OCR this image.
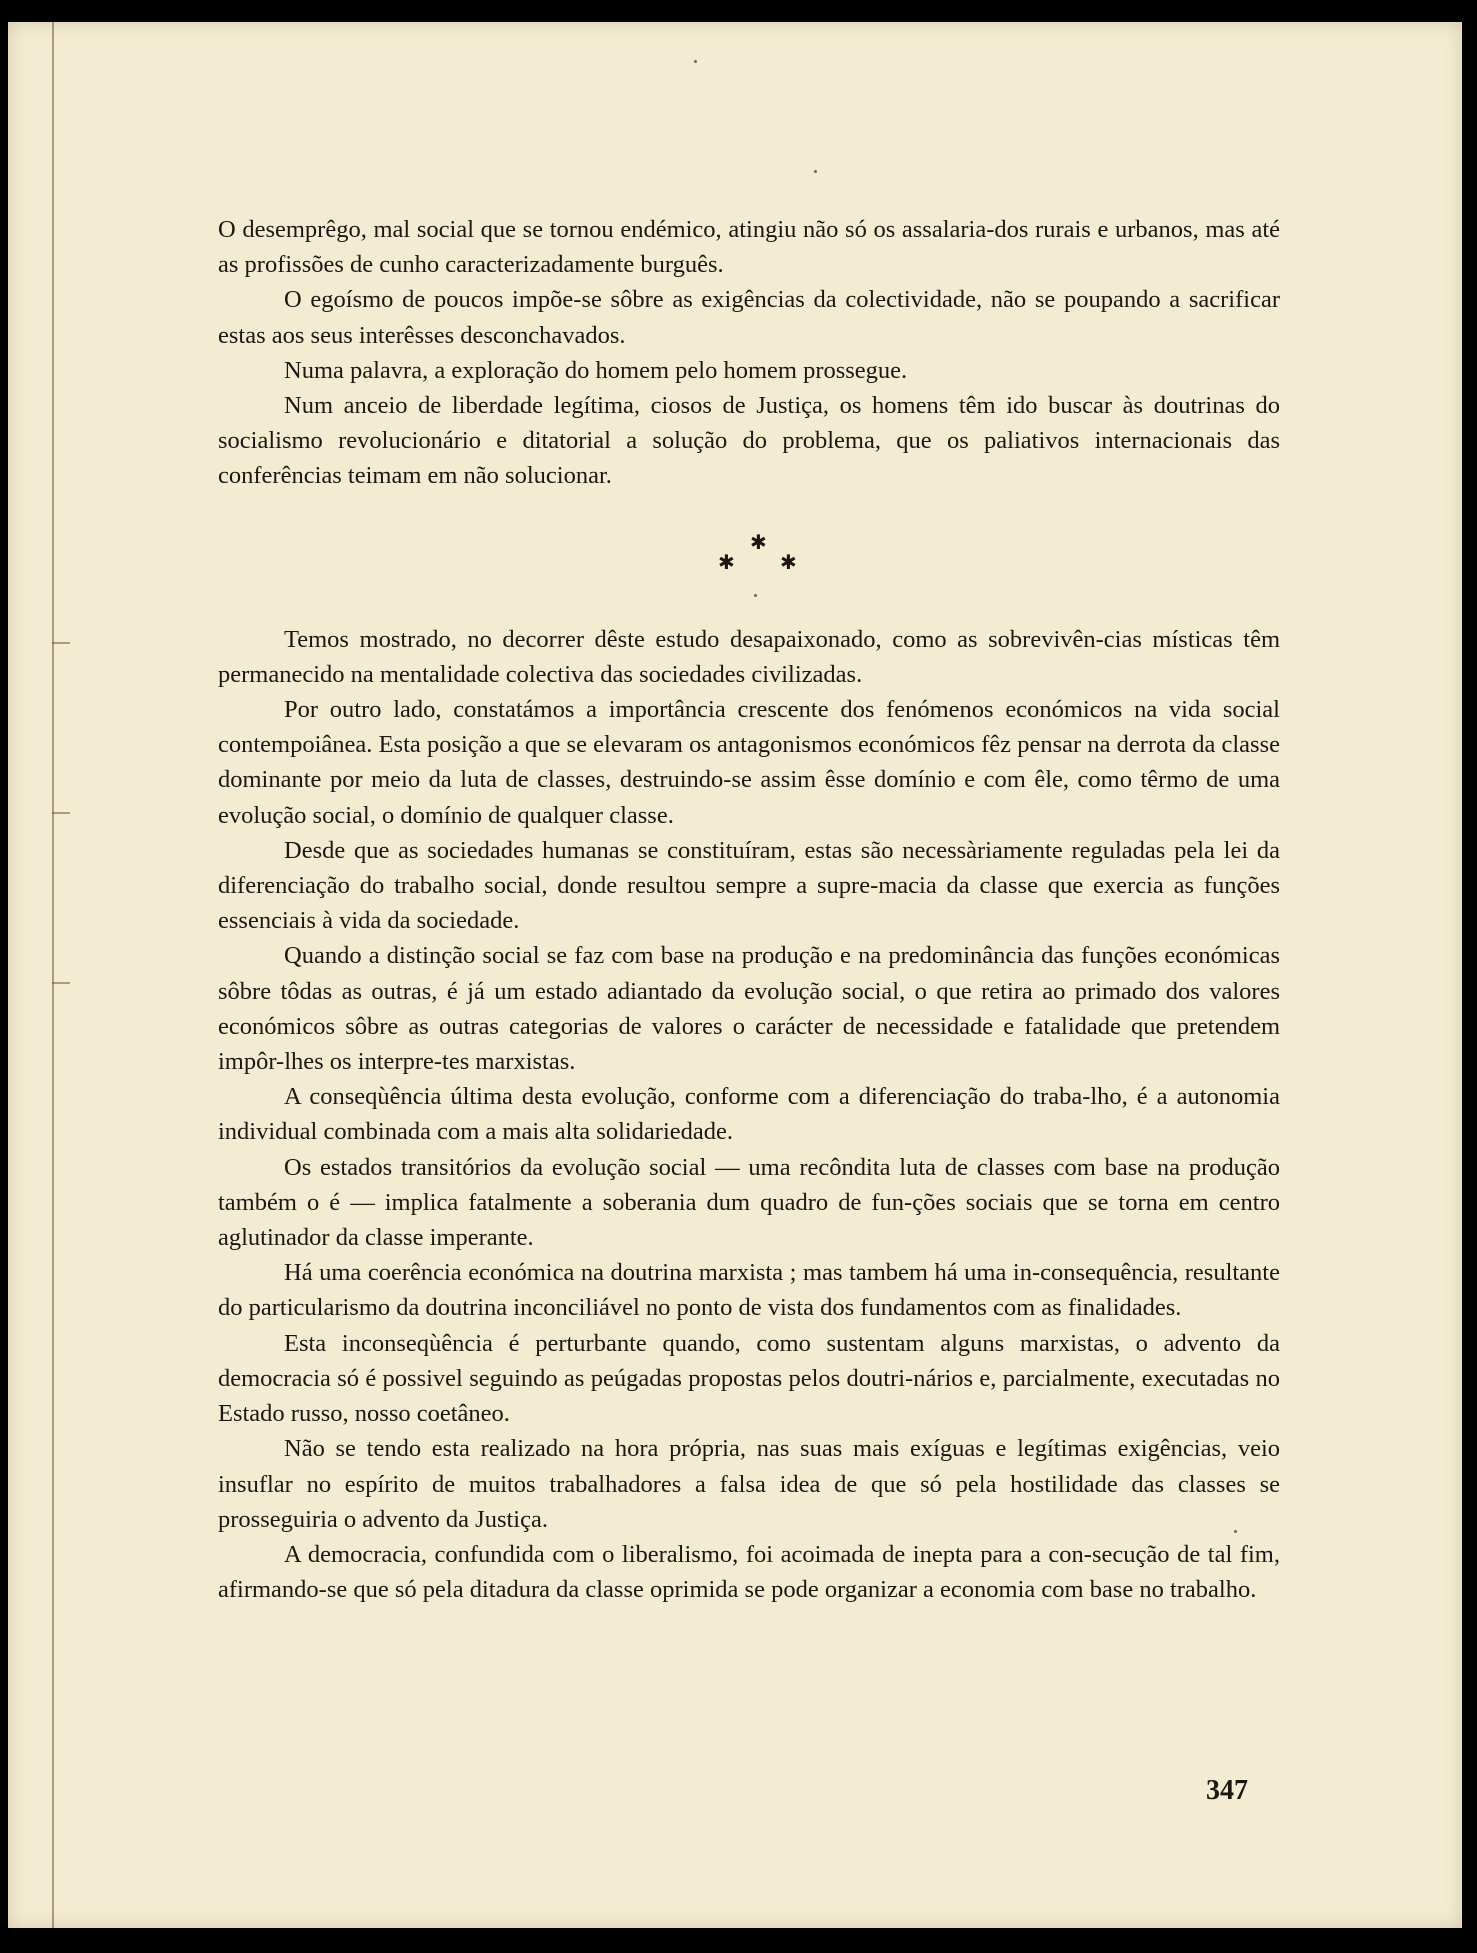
O desemprêgo, mal social que se tornou endémico, atingiu não só os assalaria-dos rurais e urbanos, mas até as profissões de cunho caracterizadamente burguês.

O egoísmo de poucos impõe-se sôbre as exigências da colectividade, não se poupando a sacrificar estas aos seus interêsses desconchavados.

Numa palavra, a exploração do homem pelo homem prossegue.

Num anceio de liberdade legítima, ciosos de Justiça, os homens têm ido buscar às doutrinas do socialismo revolucionário e ditatorial a solução do problema, que os paliativos internacionais das conferências teimam em não solucionar.

✱
✱ ✱

Temos mostrado, no decorrer dêste estudo desapaixonado, como as sobrevivên-cias místicas têm permanecido na mentalidade colectiva das sociedades civilizadas.

Por outro lado, constatámos a importância crescente dos fenómenos económicos na vida social contempoiânea. Esta posição a que se elevaram os antagonismos económicos fêz pensar na derrota da classe dominante por meio da luta de classes, destruindo-se assim êsse domínio e com êle, como têrmo de uma evolução social, o domínio de qualquer classe.

Desde que as sociedades humanas se constituíram, estas são necessàriamente reguladas pela lei da diferenciação do trabalho social, donde resultou sempre a supre-macia da classe que exercia as funções essenciais à vida da sociedade.

Quando a distinção social se faz com base na produção e na predominância das funções económicas sôbre tôdas as outras, é já um estado adiantado da evolução social, o que retira ao primado dos valores económicos sôbre as outras categorias de valores o carácter de necessidade e fatalidade que pretendem impôr-lhes os interpre-tes marxistas.

A conseqùência última desta evolução, conforme com a diferenciação do traba-lho, é a autonomia individual combinada com a mais alta solidariedade.

Os estados transitórios da evolução social — uma recôndita luta de classes com base na produção também o é — implica fatalmente a soberania dum quadro de fun-ções sociais que se torna em centro aglutinador da classe imperante.

Há uma coerência económica na doutrina marxista ; mas tambem há uma in-consequência, resultante do particularismo da doutrina inconciliável no ponto de vista dos fundamentos com as finalidades.

Esta inconseqùência é perturbante quando, como sustentam alguns marxistas, o advento da democracia só é possivel seguindo as peúgadas propostas pelos doutri-nários e, parcialmente, executadas no Estado russo, nosso coetâneo.

Não se tendo esta realizado na hora própria, nas suas mais exíguas e legítimas exigências, veio insuflar no espírito de muitos trabalhadores a falsa idea de que só pela hostilidade das classes se prosseguiria o advento da Justiça.

A democracia, confundida com o liberalismo, foi acoimada de inepta para a con-secução de tal fim, afirmando-se que só pela ditadura da classe oprimida se pode organizar a economia com base no trabalho.

347
